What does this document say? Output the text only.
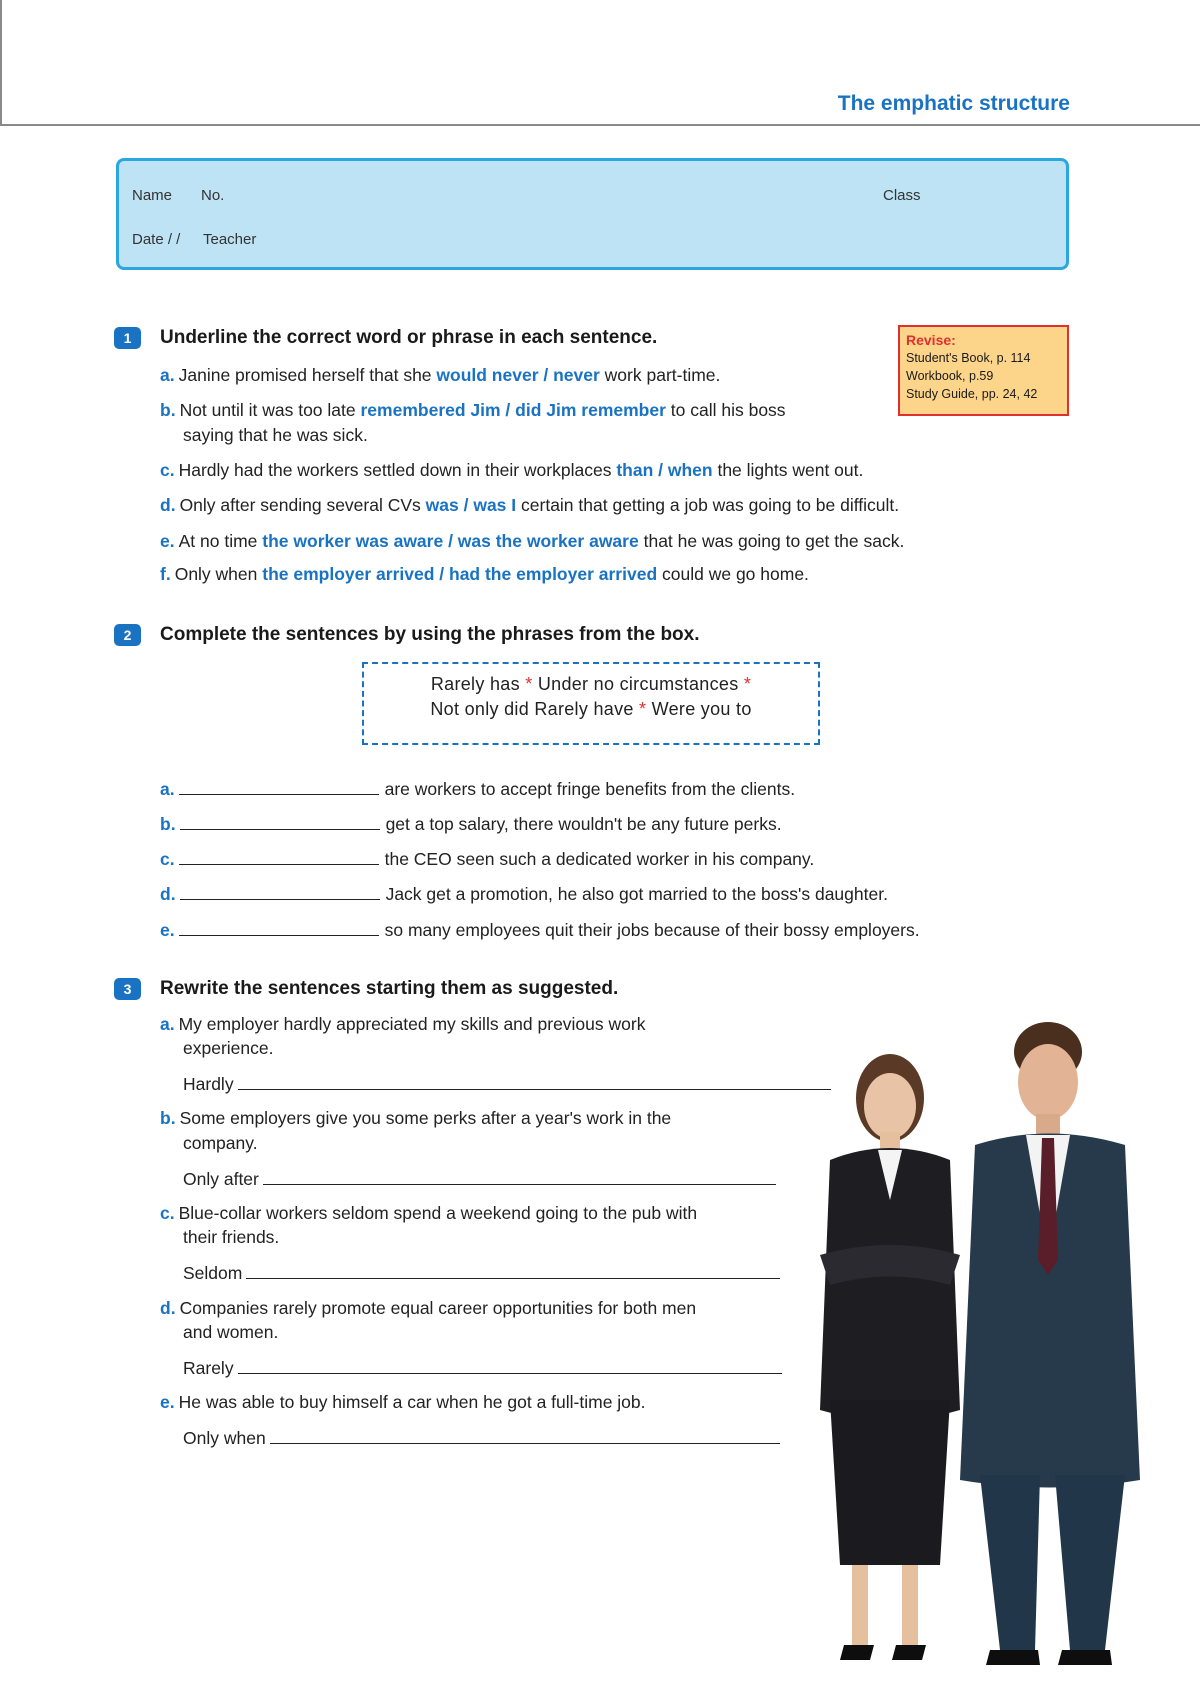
The emphatic structure
Name No.	Class
Date / / Teacher
1	Underline the correct word or phrase in each sentence.	Revise:
Student's Book, p. 114
Workbook, p.59
Study Guide, pp. 24, 42
a. Janine promised herself that she would never / never work part-time.
b. Not until it was too late remembered Jim / did Jim remember to call his boss
saying that he was sick.
c. Hardly had the workers settled down in their workplaces than / when the lights went out.
d. Only after sending several CVs was / was I certain that getting a job was going to be difficult.
e. At no time the worker was aware / was the worker aware that he was going to get the sack.
f. Only when the employer arrived / had the employer arrived could we go home.
2	Complete the sentences by using the phrases from the box.
Rarely has * Under no circumstances *
Not only did Rarely have * Were you to
a.	are workers to accept fringe benefits from the clients.
b.	get a top salary, there wouldn't be any future perks.
c.	the CEO seen such a dedicated worker in his company.
d.	Jack get a promotion, he also got married to the boss's daughter.
e.	so many employees quit their jobs because of their bossy employers.
3	Rewrite the sentences starting them as suggested.
a. My employer hardly appreciated my skills and previous work
experience.
Hardly
b. Some employers give you some perks after a year's work in the
company.
Only after
c. Blue-collar workers seldom spend a weekend going to the pub with
their friends.
Seldom
d. Companies rarely promote equal career opportunities for both men
and women.
Rarely
e. He was able to buy himself a car when he got a full-time job.
Only when
